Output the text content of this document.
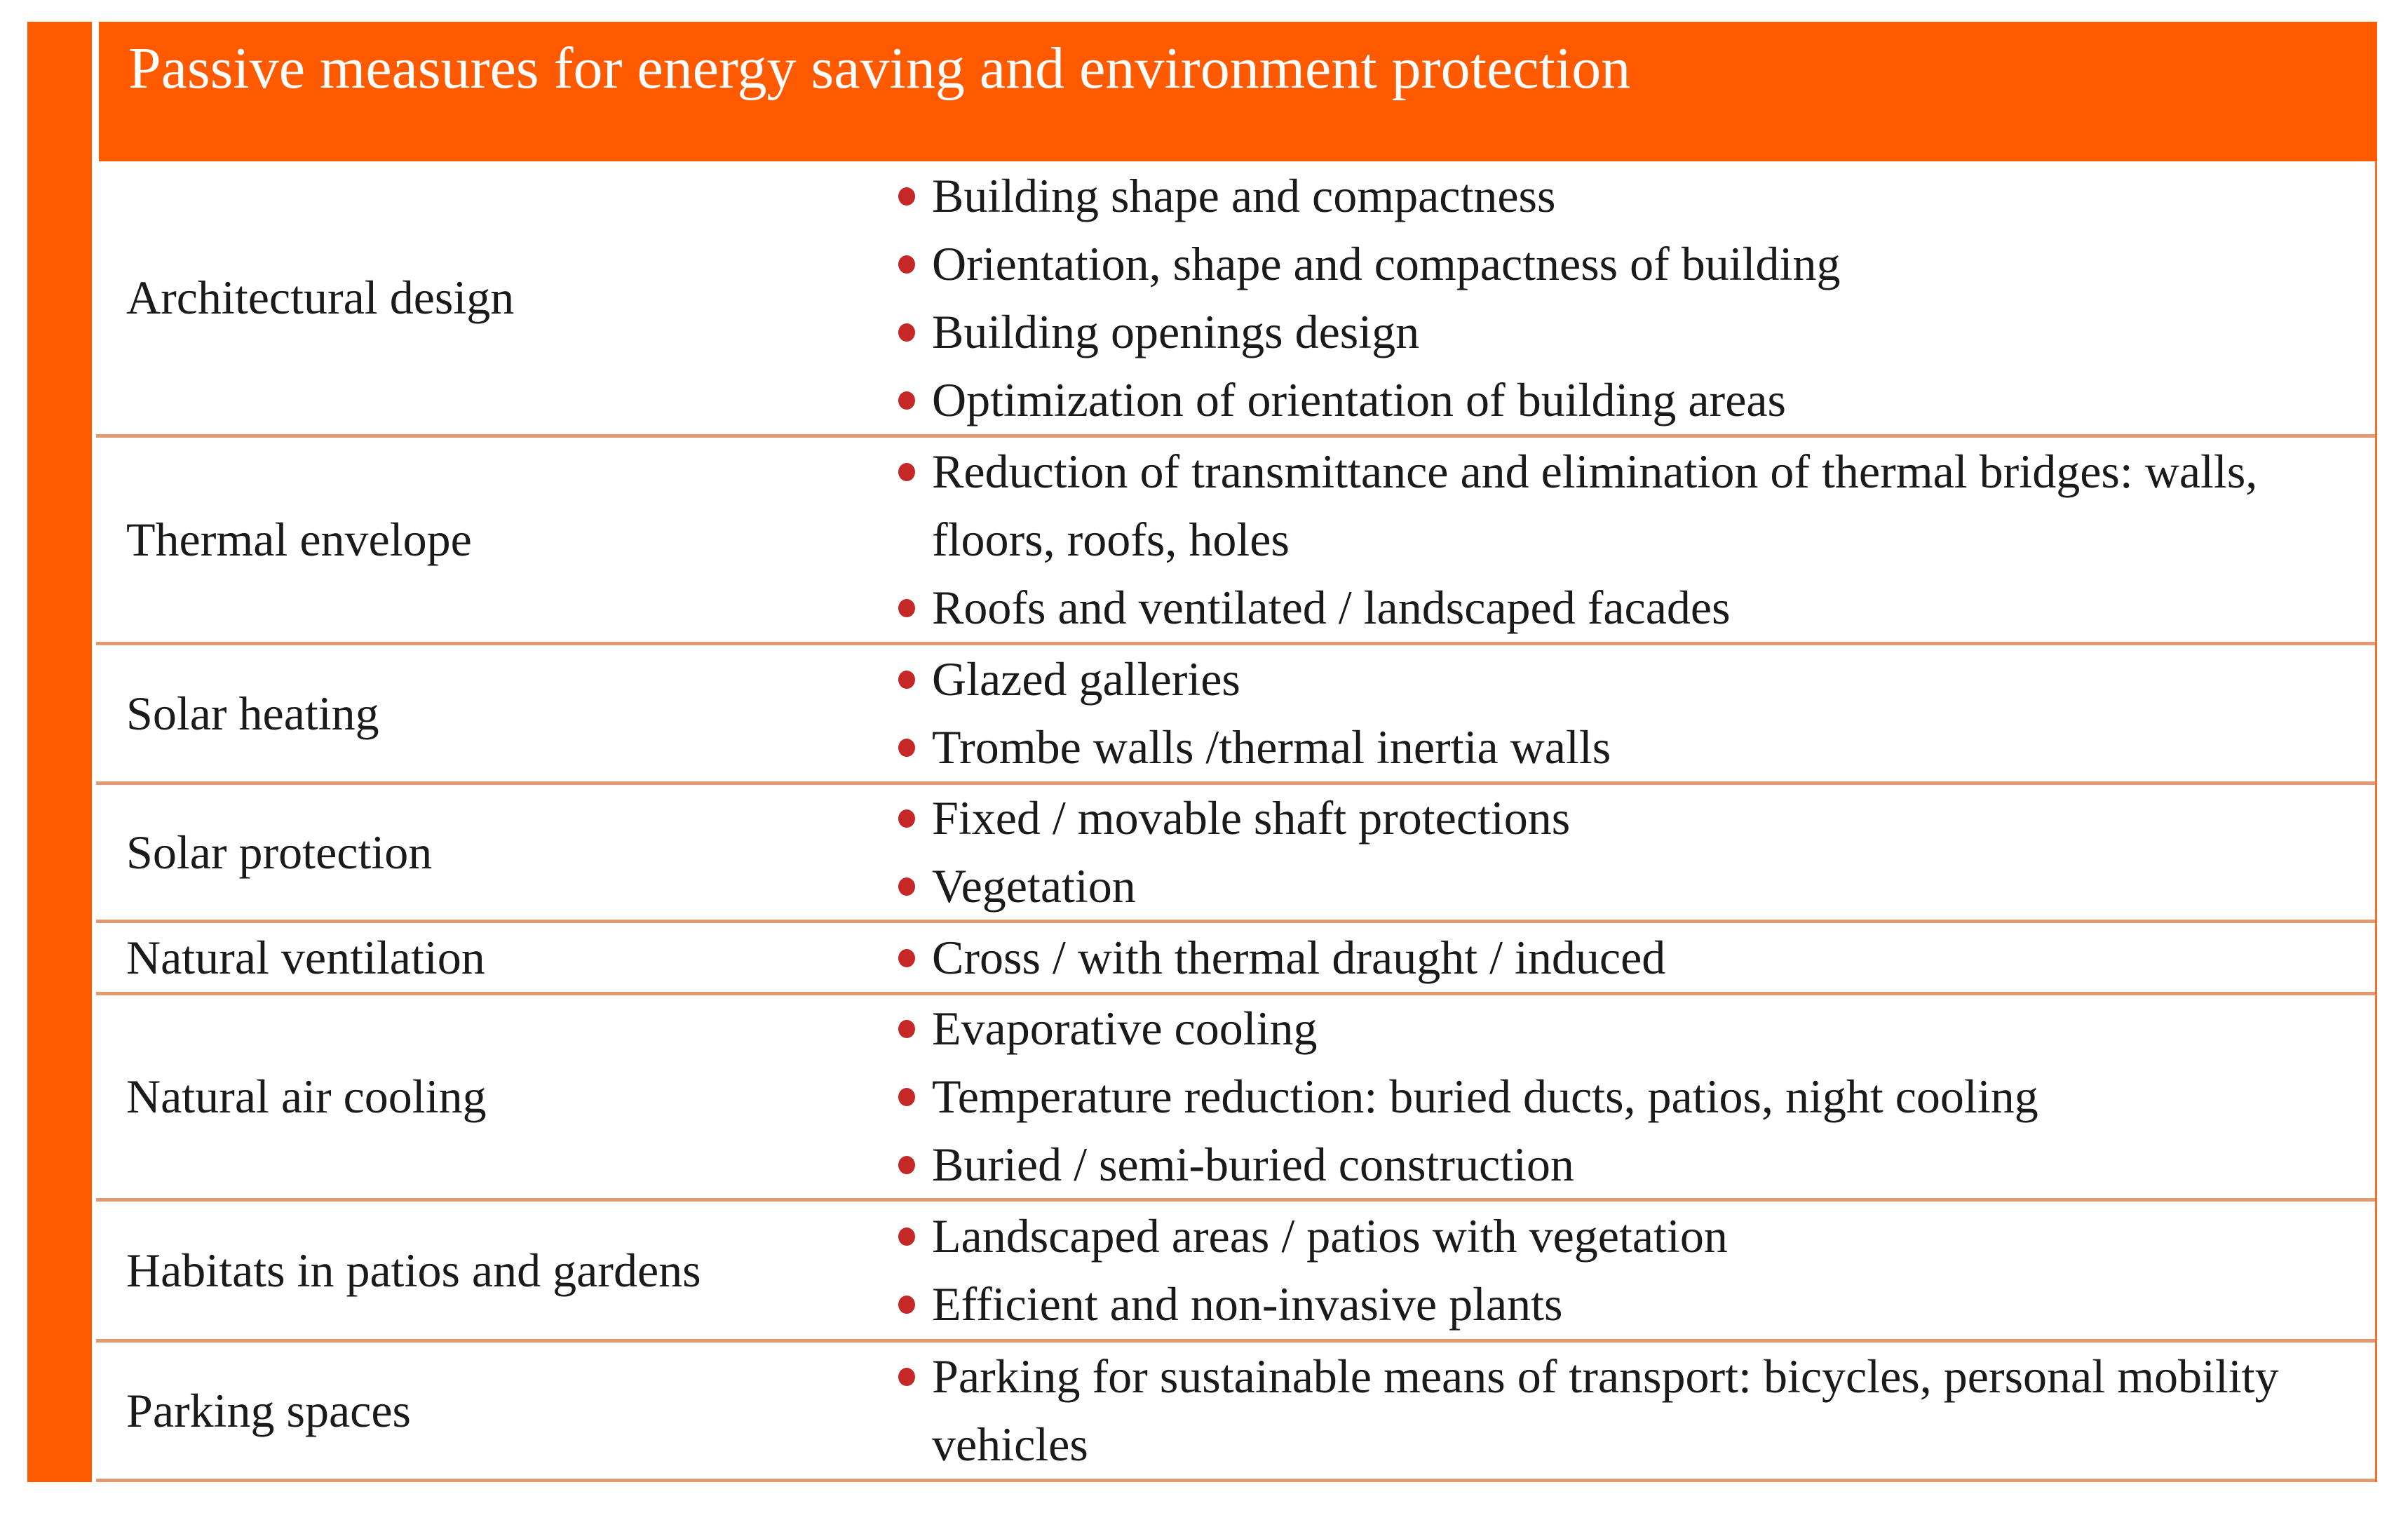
Passive measures for energy saving and environment protection
Architectural design
Building shape and compactness
Orientation, shape and compactness of building
Building openings design
Optimization of orientation of building areas
Thermal envelope
Reduction of transmittance and elimination of thermal bridges: walls, floors, roofs, holes
Roofs and ventilated / landscaped facades
Solar heating
Glazed galleries
Trombe walls /thermal inertia walls
Solar protection
Fixed / movable shaft protections
Vegetation
Natural ventilation	Cross / with thermal draught / induced
Natural air cooling
Evaporative cooling
Temperature reduction: buried ducts, patios, night cooling
Buried / semi-buried construction
Habitats in patios and gardens
Landscaped areas / patios with vegetation
Efficient and non-invasive plants
Parking spaces
Parking for sustainable means of transport: bicycles, personal mobility vehicles
